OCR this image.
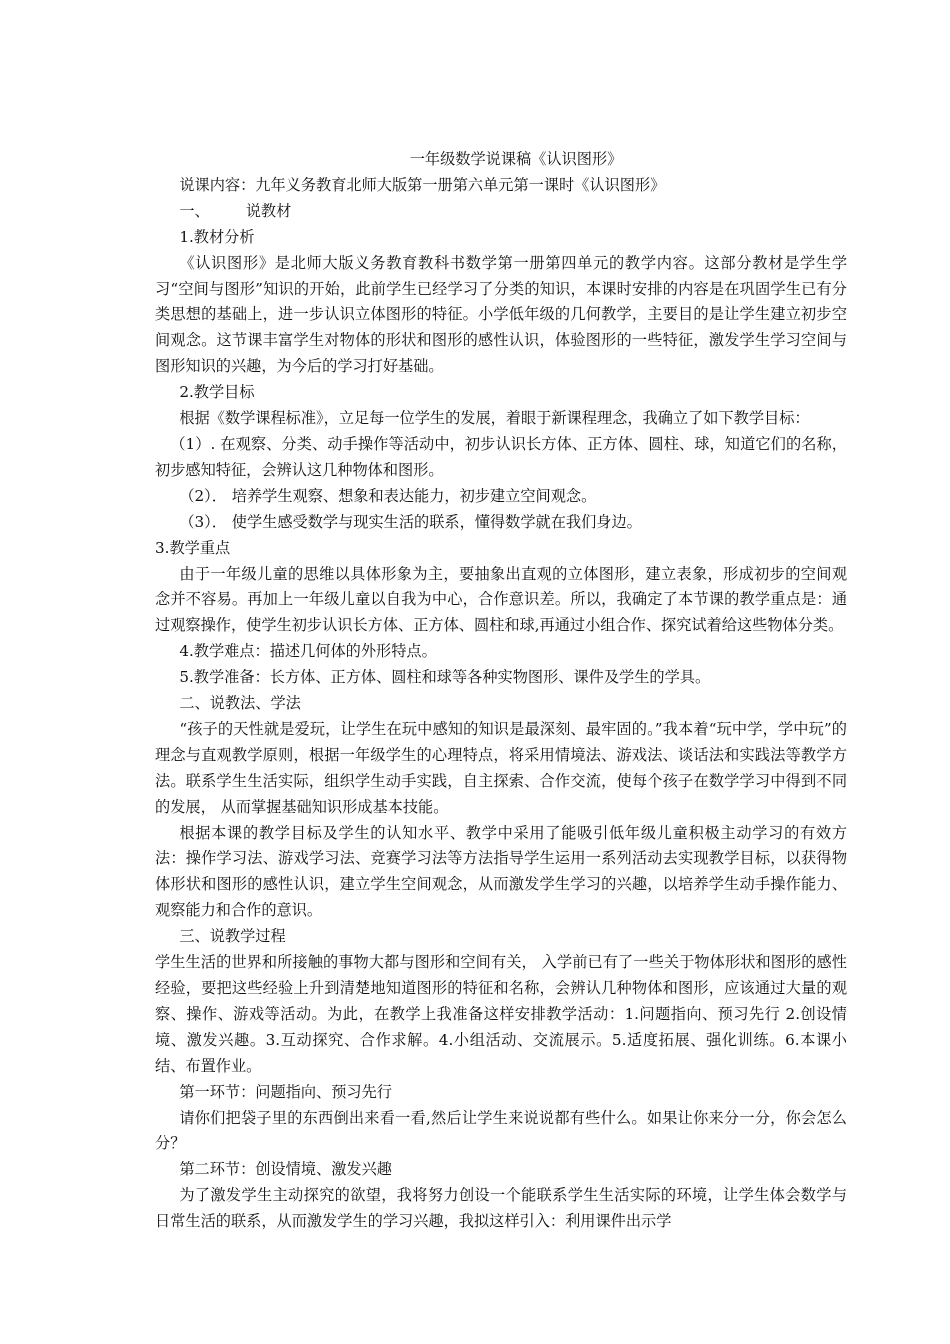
一年级数学说课稿《认识图形》

说课内容：九年义务教育北师大版第一册第六单元第一课时《认识图形》

一、 说教材

1.教材分析

《认识图形》是北师大版义务教育教科书数学第一册第四单元的教学内容。这部分教材是学生学习“空间与图形”知识的开始，此前学生已经学习了分类的知识，本课时安排的内容是在巩固学生已有分类思想的基础上，进一步认识立体图形的特征。小学低年级的几何教学，主要目的是让学生建立初步空间观念。这节课丰富学生对物体的形状和图形的感性认识，体验图形的一些特征，激发学生学习空间与图形知识的兴趣，为今后的学习打好基础。

2.教学目标

根据《数学课程标准》，立足每一位学生的发展，着眼于新课程理念，我确立了如下教学目标：

（1）. 在观察、分类、动手操作等活动中，初步认识长方体、正方体、圆柱、球，知道它们的名称，初步感知特征，会辨认这几种物体和图形。

（2）． 培养学生观察、想象和表达能力，初步建立空间观念。

（3）． 使学生感受数学与现实生活的联系，懂得数学就在我们身边。

3.教学重点

由于一年级儿童的思维以具体形象为主，要抽象出直观的立体图形，建立表象，形成初步的空间观念并不容易。再加上一年级儿童以自我为中心，合作意识差。所以，我确定了本节课的教学重点是：通过观察操作，使学生初步认识长方体、正方体、圆柱和球,再通过小组合作、探究试着给这些物体分类。

4.教学难点：描述几何体的外形特点。

5.教学准备：长方体、正方体、圆柱和球等各种实物图形、课件及学生的学具。

二、说教法、学法

“孩子的天性就是爱玩，让学生在玩中感知的知识是最深刻、最牢固的。”我本着“玩中学，学中玩”的理念与直观教学原则，根据一年级学生的心理特点，将采用情境法、游戏法、谈话法和实践法等教学方法。联系学生生活实际，组织学生动手实践，自主探索、合作交流，使每个孩子在数学学习中得到不同的发展， 从而掌握基础知识形成基本技能。

根据本课的教学目标及学生的认知水平、教学中采用了能吸引低年级儿童积极主动学习的有效方法：操作学习法、游戏学习法、竞赛学习法等方法指导学生运用一系列活动去实现教学目标，以获得物体形状和图形的感性认识，建立学生空间观念，从而激发学生学习的兴趣，以培养学生动手操作能力、观察能力和合作的意识。

三、说教学过程

学生生活的世界和所接触的事物大都与图形和空间有关， 入学前已有了一些关于物体形状和图形的感性经验，要把这些经验上升到清楚地知道图形的特征和名称，会辨认几种物体和图形，应该通过大量的观察、操作、游戏等活动。为此，在教学上我准备这样安排教学活动：1.问题指向、预习先行 2.创设情境、激发兴趣。3.互动探究、合作求解。4.小组活动、交流展示。5.适度拓展、强化训练。6.本课小结、布置作业。

第一环节：问题指向、预习先行

请你们把袋子里的东西倒出来看一看,然后让学生来说说都有些什么。如果让你来分一分，你会怎么分？

第二环节：创设情境、激发兴趣

为了激发学生主动探究的欲望，我将努力创设一个能联系学生生活实际的环境，让学生体会数学与日常生活的联系，从而激发学生的学习兴趣，我拟这样引入：利用课件出示学
